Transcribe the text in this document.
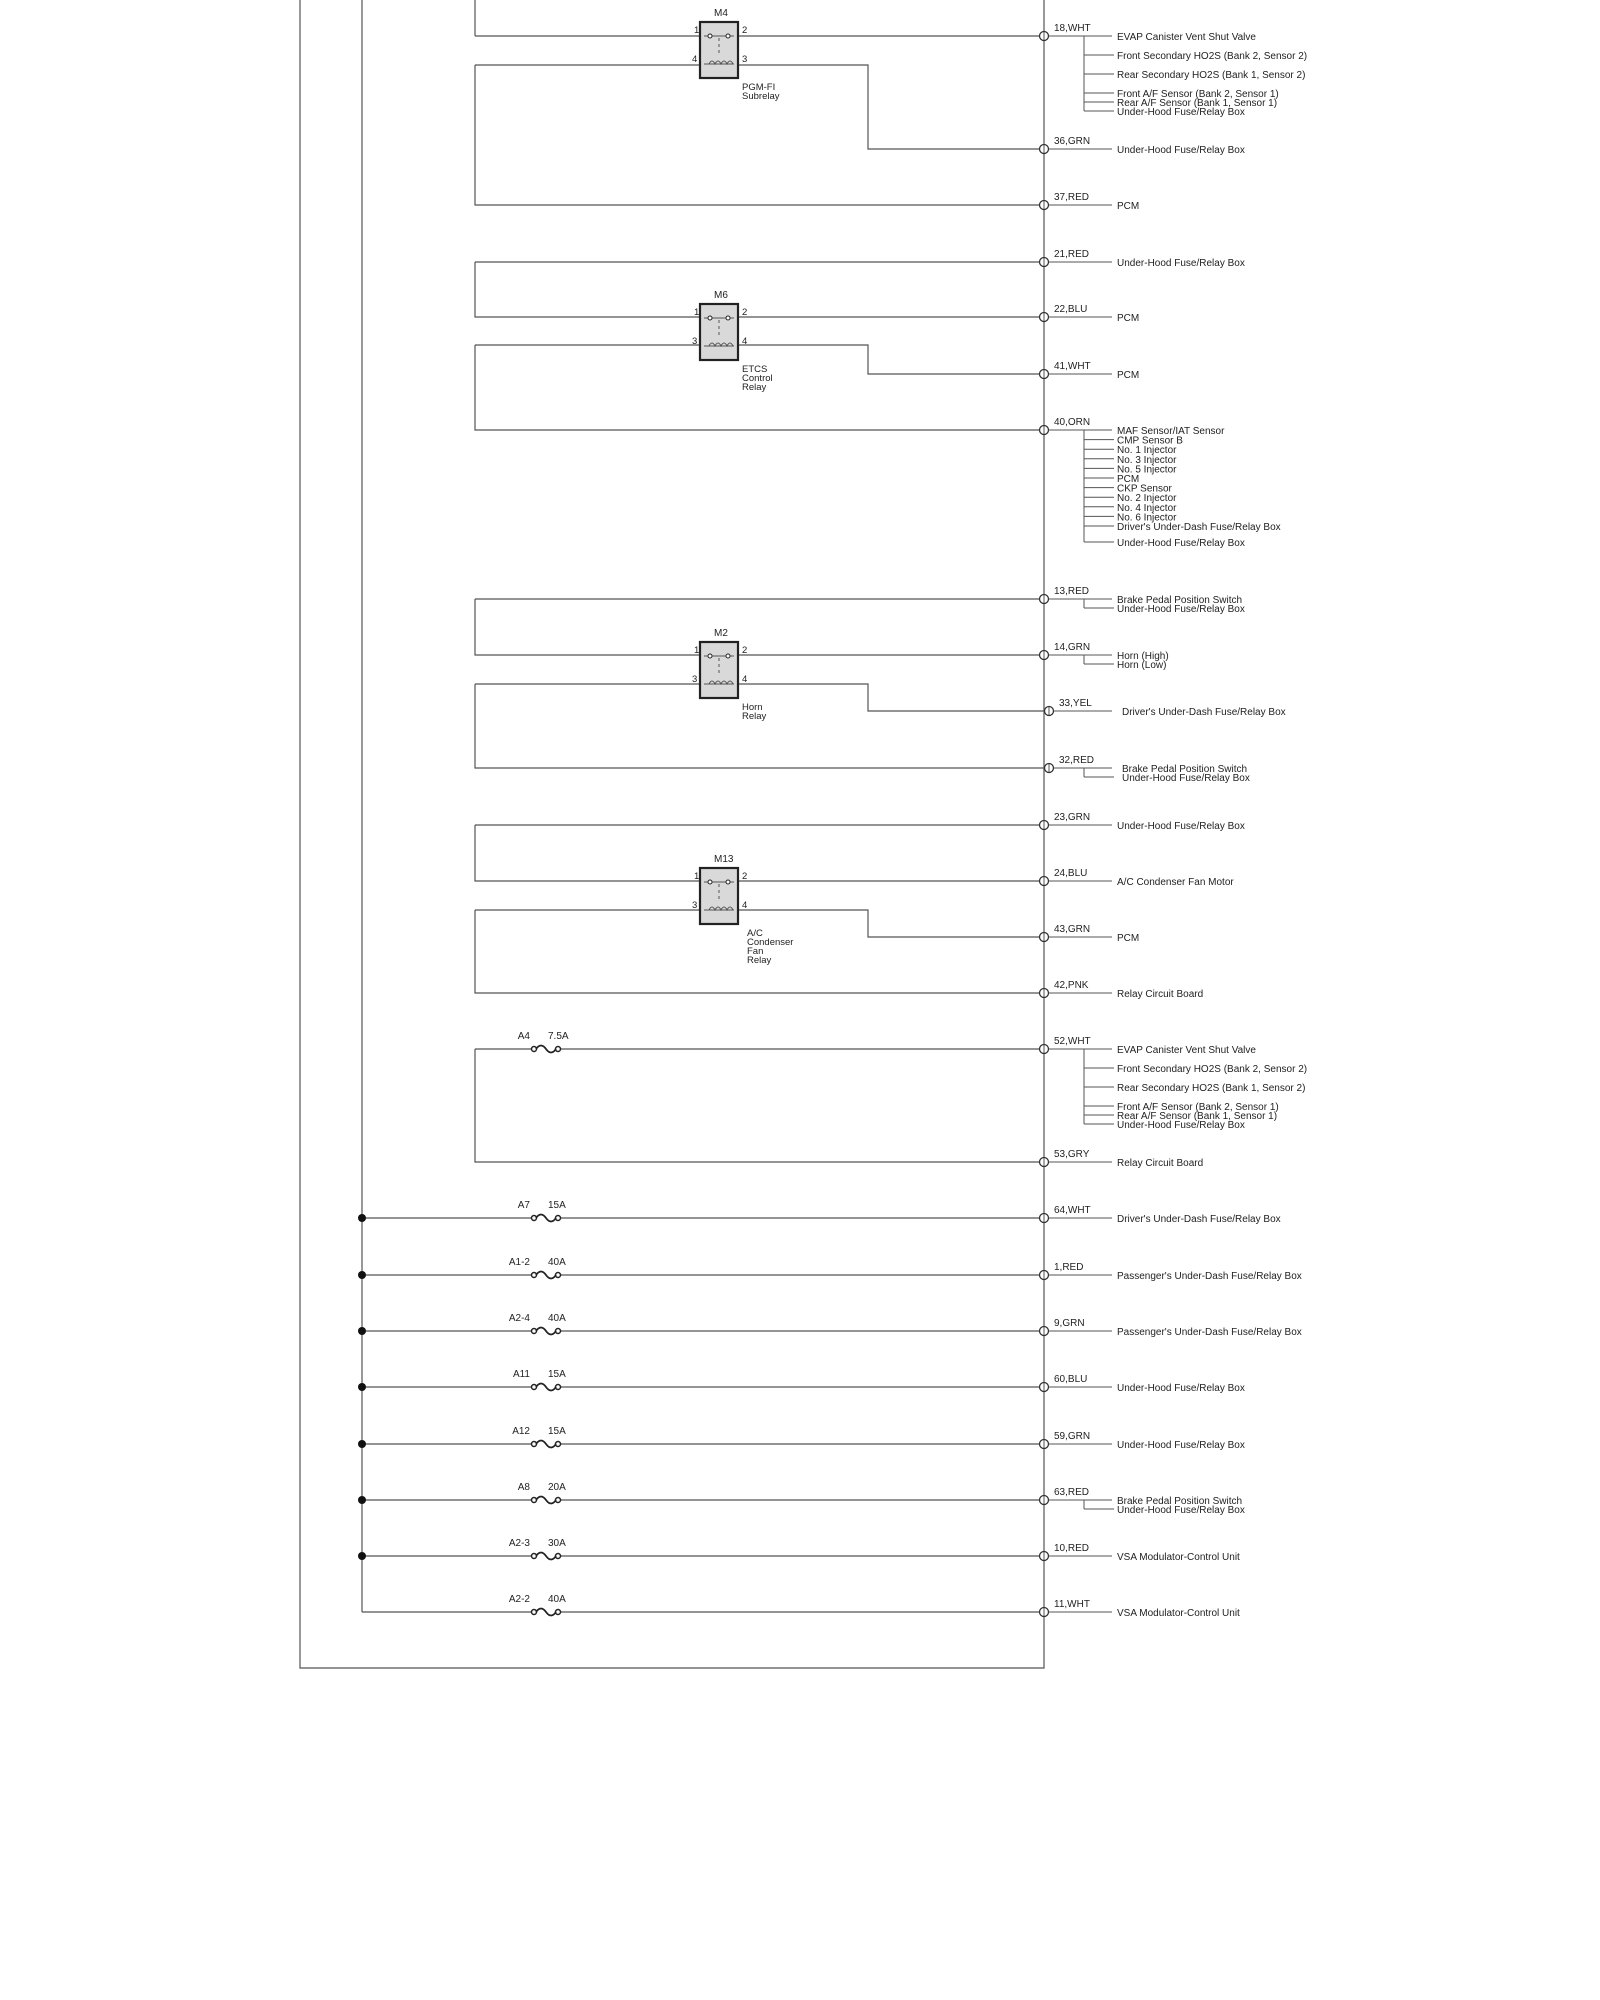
M4
1	2
4	3
PGM-FI
Subrelay
M6
1	2
3	4
ETCS
Control
Relay
M2
1	2
3	4
Horn
Relay
M13
1	2
3	4
A/C
Condenser
Fan
Relay
A4 7.5A
A7 15A
A1-2 40A
A2-4 40A
A11 15A
A12 15A
A8 20A
A2-3 30A
A2-2 40A
18,WHT
EVAP Canister Vent Shut Valve
Front Secondary HO2S (Bank 2, Sensor 2)
Rear Secondary HO2S (Bank 1, Sensor 2)
Front A/F Sensor (Bank 2, Sensor 1)
Rear A/F Sensor (Bank 1, Sensor 1)
Under-Hood Fuse/Relay Box
36,GRN
Under-Hood Fuse/Relay Box
37,RED
PCM
21,RED
Under-Hood Fuse/Relay Box
22,BLU
PCM
41,WHT
PCM
40,ORN
MAF Sensor/IAT Sensor
CMP Sensor B
No. 1 Injector
No. 3 Injector
No. 5 Injector
PCM
CKP Sensor
No. 2 Injector
No. 4 Injector
No. 6 Injector
Driver's Under-Dash Fuse/Relay Box
Under-Hood Fuse/Relay Box
13,RED
Brake Pedal Position Switch
Under-Hood Fuse/Relay Box
14,GRN
Horn (High)
Horn (Low)
33,YEL
Driver's Under-Dash Fuse/Relay Box
32,RED
Brake Pedal Position Switch
Under-Hood Fuse/Relay Box
23,GRN
Under-Hood Fuse/Relay Box
24,BLU
A/C Condenser Fan Motor
43,GRN
PCM
42,PNK
Relay Circuit Board
52,WHT
EVAP Canister Vent Shut Valve
Front Secondary HO2S (Bank 2, Sensor 2)
Rear Secondary HO2S (Bank 1, Sensor 2)
Front A/F Sensor (Bank 2, Sensor 1)
Rear A/F Sensor (Bank 1, Sensor 1)
Under-Hood Fuse/Relay Box
53,GRY
Relay Circuit Board
64,WHT
Driver's Under-Dash Fuse/Relay Box
1,RED
Passenger's Under-Dash Fuse/Relay Box
9,GRN
Passenger's Under-Dash Fuse/Relay Box
60,BLU
Under-Hood Fuse/Relay Box
59,GRN
Under-Hood Fuse/Relay Box
63,RED
Brake Pedal Position Switch
Under-Hood Fuse/Relay Box
10,RED
VSA Modulator-Control Unit
11,WHT
VSA Modulator-Control Unit
